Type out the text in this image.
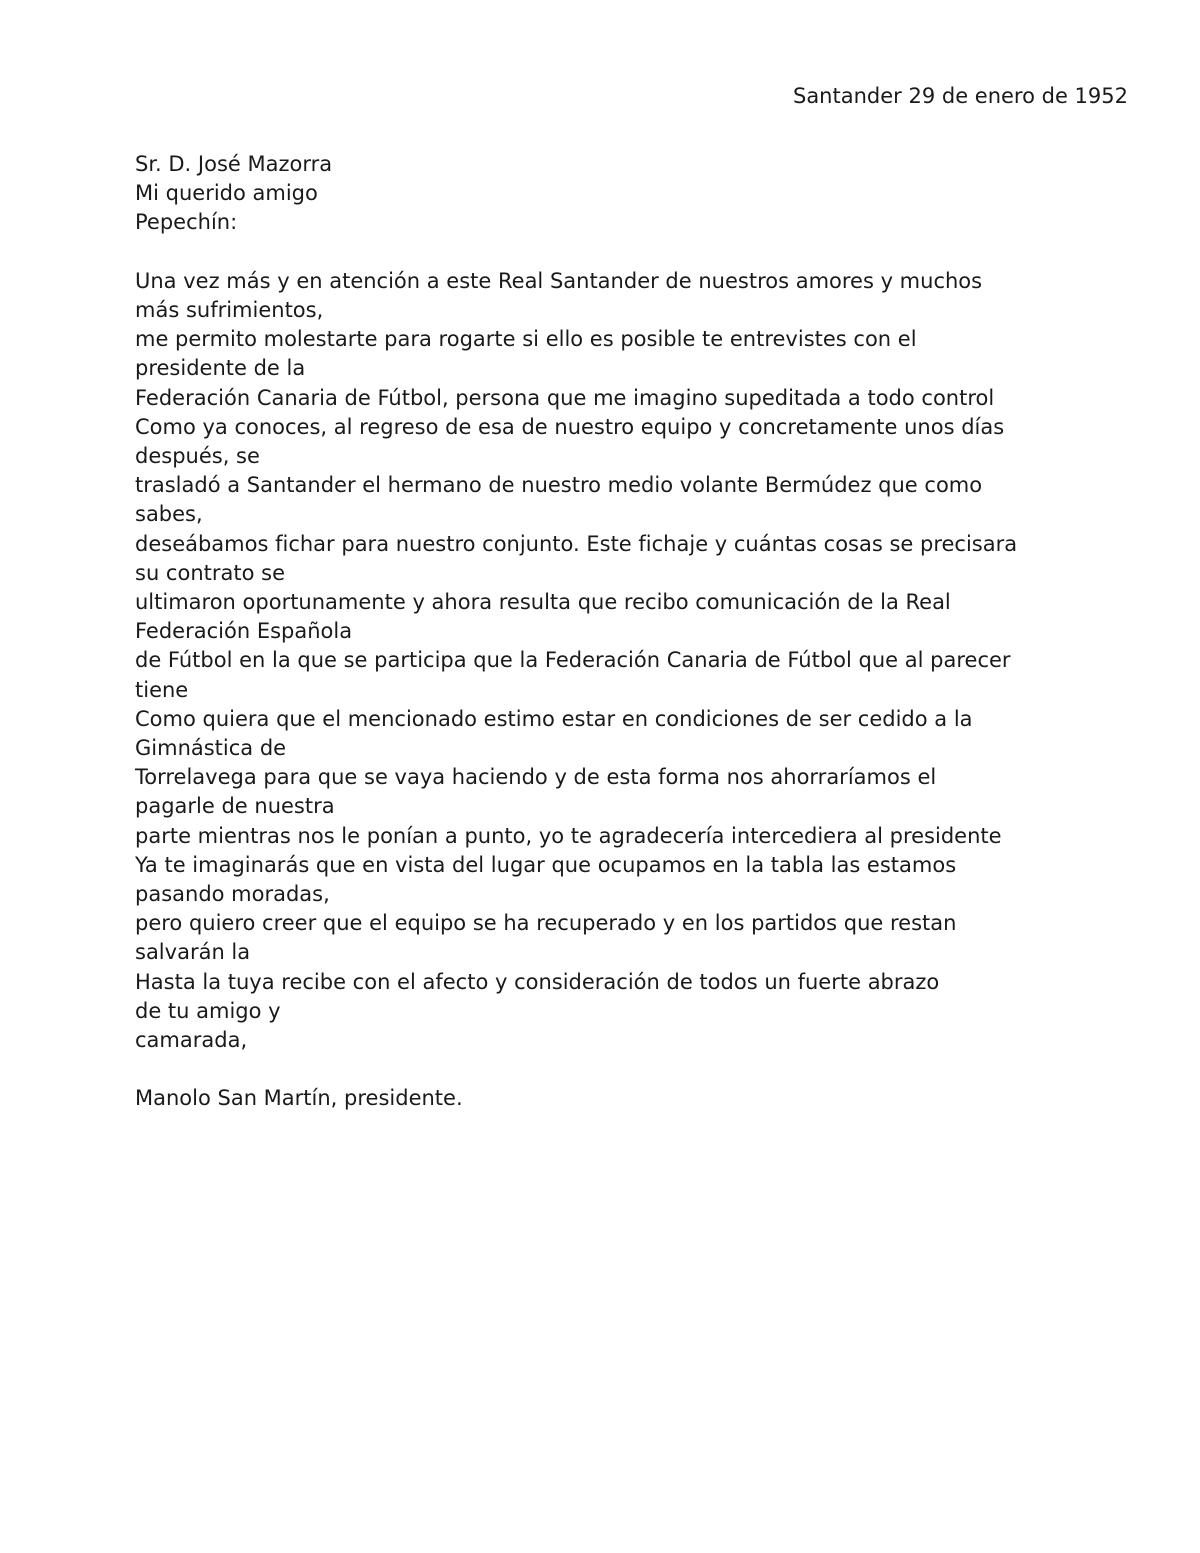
Santander 29 de enero de 1952
Sr. D. José Mazorra
Mi querido amigo
Pepechín:
Una vez más y en atención a este Real Santander de nuestros amores y muchos
más sufrimientos,
me permito molestarte para rogarte si ello es posible te entrevistes con el
presidente de la
Federación Canaria de Fútbol, persona que me imagino supeditada a todo control
Como ya conoces, al regreso de esa de nuestro equipo y concretamente unos días
después, se
trasladó a Santander el hermano de nuestro medio volante Bermúdez que como
sabes,
deseábamos fichar para nuestro conjunto. Este fichaje y cuántas cosas se precisara
su contrato se
ultimaron oportunamente y ahora resulta que recibo comunicación de la Real
Federación Española
de Fútbol en la que se participa que la Federación Canaria de Fútbol que al parecer
tiene
Como quiera que el mencionado estimo estar en condiciones de ser cedido a la
Gimnástica de
Torrelavega para que se vaya haciendo y de esta forma nos ahorraríamos el
pagarle de nuestra
parte mientras nos le ponían a punto, yo te agradecería intercediera al presidente
Ya te imaginarás que en vista del lugar que ocupamos en la tabla las estamos
pasando moradas,
pero quiero creer que el equipo se ha recuperado y en los partidos que restan
salvarán la
Hasta la tuya recibe con el afecto y consideración de todos un fuerte abrazo
de tu amigo y
camarada,
Manolo San Martín, presidente.
